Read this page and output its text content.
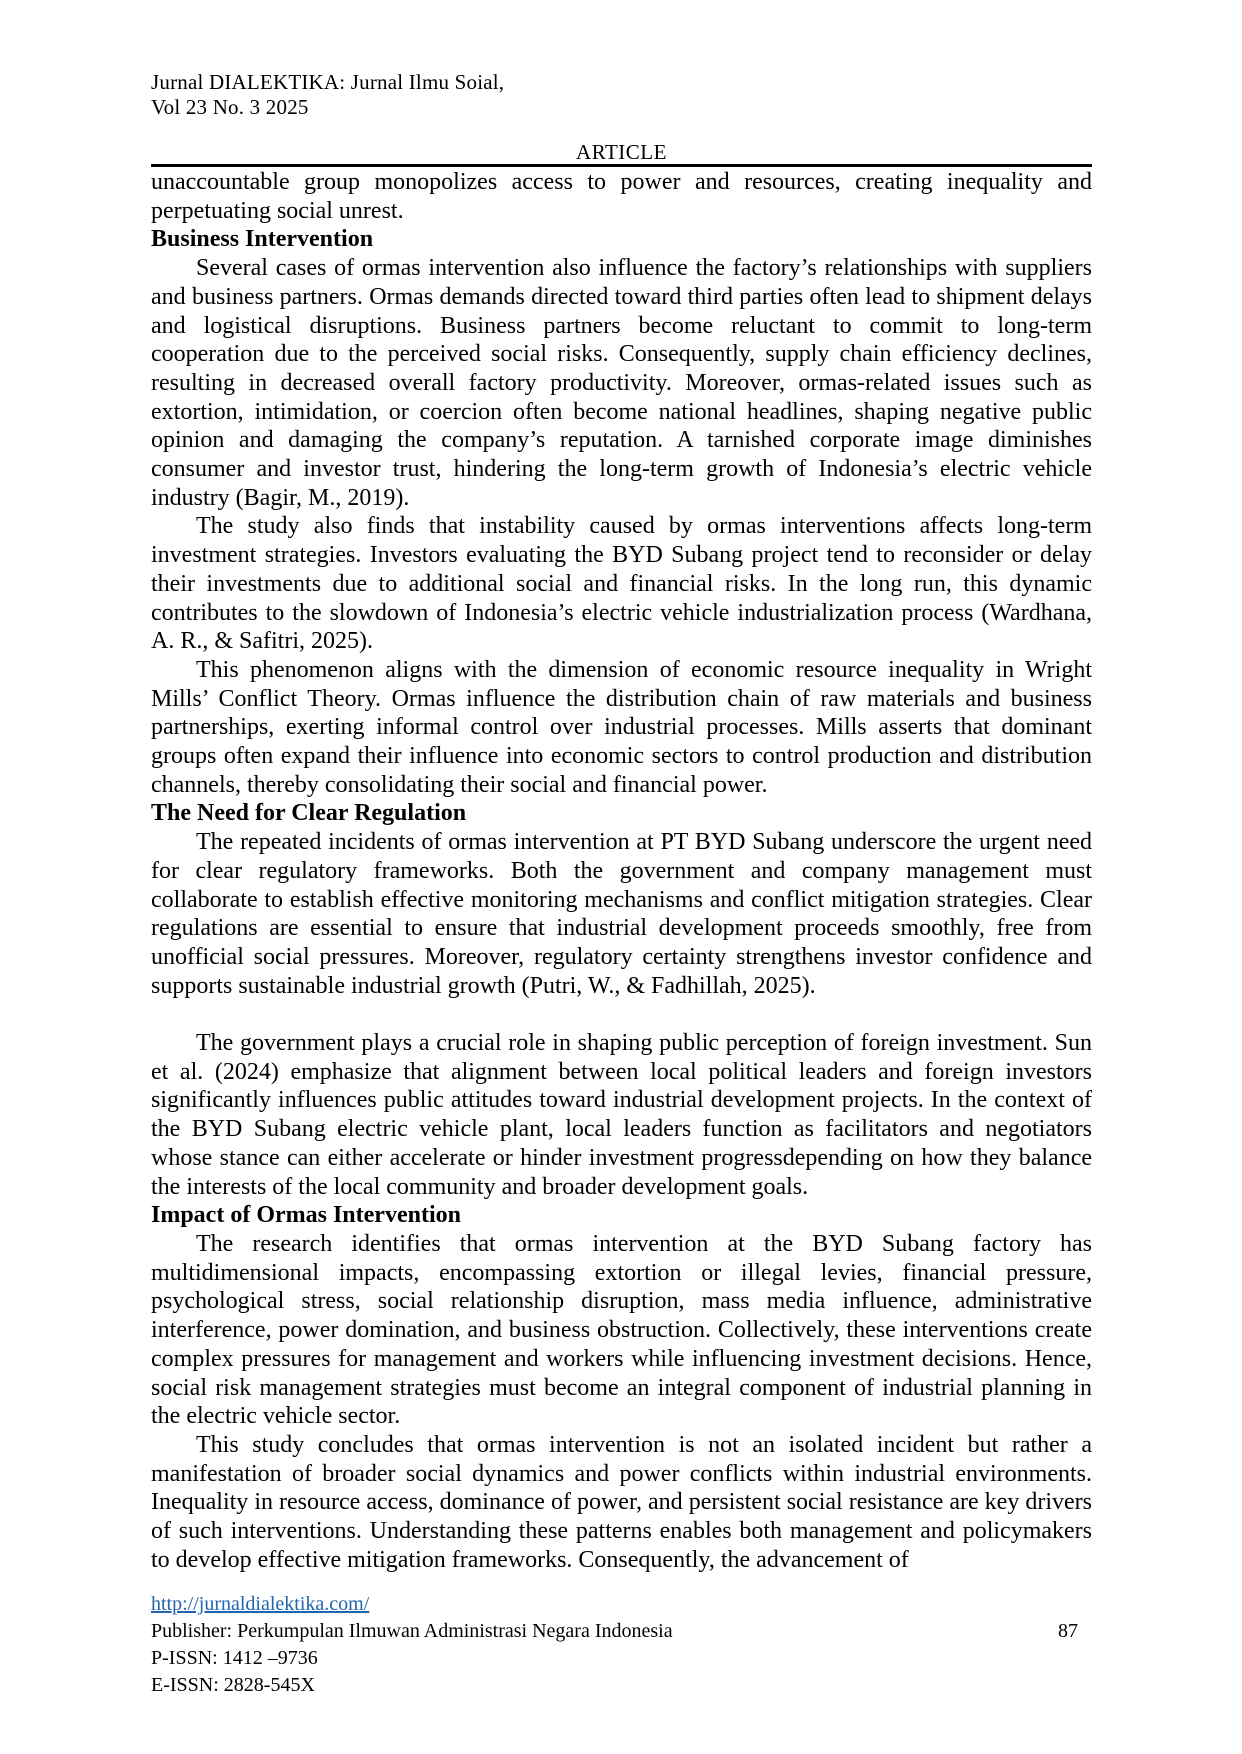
Jurnal DIALEKTIKA: Jurnal Ilmu Soial,
Vol 23 No. 3 2025
ARTICLE

unaccountable group monopolizes access to power and resources, creating inequality and perpetuating social unrest.

Business Intervention

Several cases of ormas intervention also influence the factory’s relationships with suppliers and business partners. Ormas demands directed toward third parties often lead to shipment delays and logistical disruptions. Business partners become reluctant to commit to long-term cooperation due to the perceived social risks. Consequently, supply chain efficiency declines, resulting in decreased overall factory productivity. Moreover, ormas-related issues such as extortion, intimidation, or coercion often become national headlines, shaping negative public opinion and damaging the company’s reputation. A tarnished corporate image diminishes consumer and investor trust, hindering the long-term growth of Indonesia’s electric vehicle industry (Bagir, M., 2019).

The study also finds that instability caused by ormas interventions affects long-term investment strategies. Investors evaluating the BYD Subang project tend to reconsider or delay their investments due to additional social and financial risks. In the long run, this dynamic contributes to the slowdown of Indonesia’s electric vehicle industrialization process (Wardhana, A. R., & Safitri, 2025).

This phenomenon aligns with the dimension of economic resource inequality in Wright Mills’ Conflict Theory. Ormas influence the distribution chain of raw materials and business partnerships, exerting informal control over industrial processes. Mills asserts that dominant groups often expand their influence into economic sectors to control production and distribution channels, thereby consolidating their social and financial power.

The Need for Clear Regulation

The repeated incidents of ormas intervention at PT BYD Subang underscore the urgent need for clear regulatory frameworks. Both the government and company management must collaborate to establish effective monitoring mechanisms and conflict mitigation strategies. Clear regulations are essential to ensure that industrial development proceeds smoothly, free from unofficial social pressures. Moreover, regulatory certainty strengthens investor confidence and supports sustainable industrial growth (Putri, W., & Fadhillah, 2025).

The government plays a crucial role in shaping public perception of foreign investment. Sun et al. (2024) emphasize that alignment between local political leaders and foreign investors significantly influences public attitudes toward industrial development projects. In the context of the BYD Subang electric vehicle plant, local leaders function as facilitators and negotiators whose stance can either accelerate or hinder investment progressdepending on how they balance the interests of the local community and broader development goals.

Impact of Ormas Intervention

The research identifies that ormas intervention at the BYD Subang factory has multidimensional impacts, encompassing extortion or illegal levies, financial pressure, psychological stress, social relationship disruption, mass media influence, administrative interference, power domination, and business obstruction. Collectively, these interventions create complex pressures for management and workers while influencing investment decisions. Hence, social risk management strategies must become an integral component of industrial planning in the electric vehicle sector.

This study concludes that ormas intervention is not an isolated incident but rather a manifestation of broader social dynamics and power conflicts within industrial environments. Inequality in resource access, dominance of power, and persistent social resistance are key drivers of such interventions. Understanding these patterns enables both management and policymakers to develop effective mitigation frameworks. Consequently, the advancement of

http://jurnaldialektika.com/
Publisher: Perkumpulan Ilmuwan Administrasi Negara Indonesia	87
P-ISSN: 1412 –9736
E-ISSN: 2828-545X
